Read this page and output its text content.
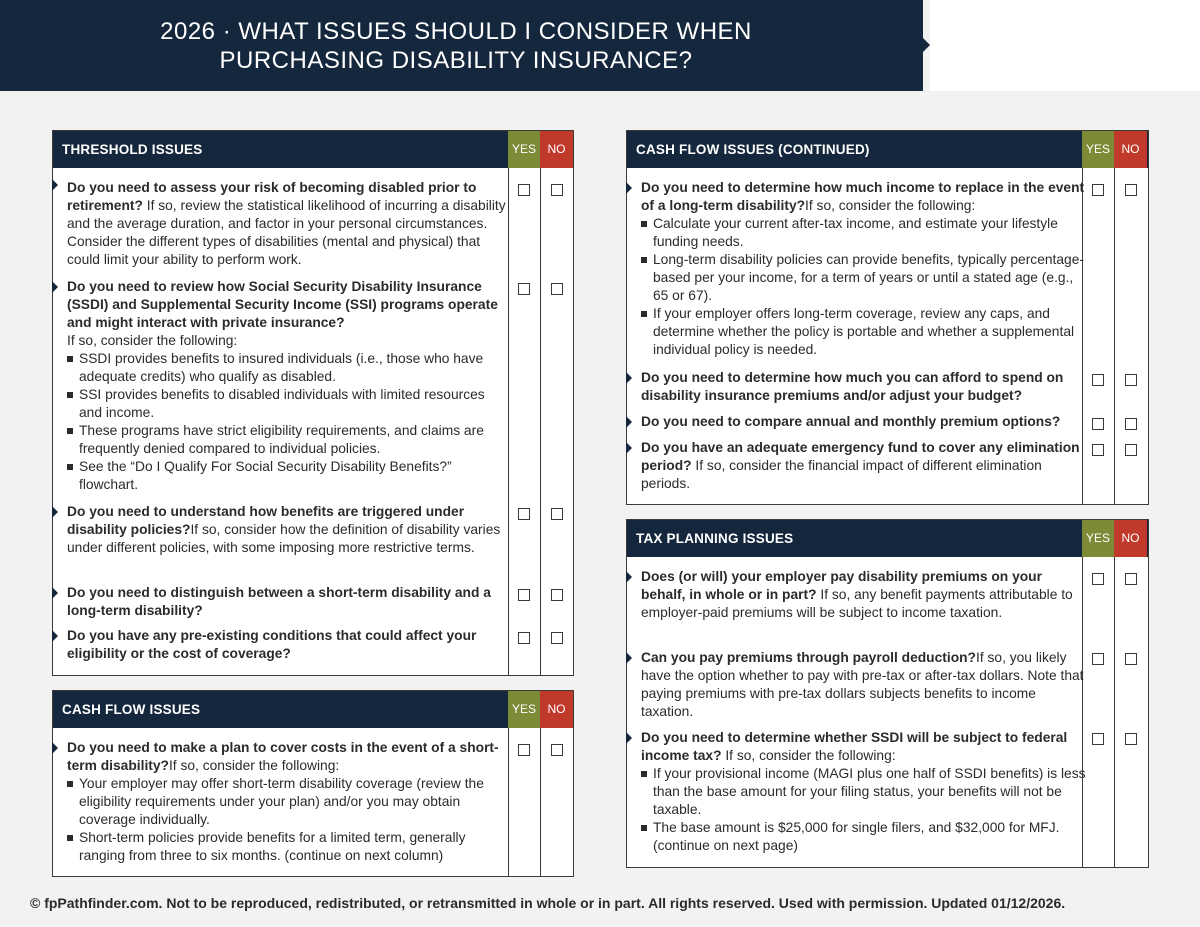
2026 · WHAT ISSUES SHOULD I CONSIDER WHEN
PURCHASING DISABILITY INSURANCE?
THRESHOLD ISSUES	YES NO
Do you need to assess your risk of becoming disabled prior to retirement? If so, review the statistical likelihood of incurring a disability and the average duration, and factor in your personal circumstances. Consider the different types of disabilities (mental and physical) that could limit your ability to perform work.
Do you need to review how Social Security Disability Insurance (SSDI) and Supplemental Security Income (SSI) programs operate and might interact with private insurance?
If so, consider the following:
SSDI provides benefits to insured individuals (i.e., those who have adequate credits) who qualify as disabled.
SSI provides benefits to disabled individuals with limited resources and income.
These programs have strict eligibility requirements, and claims are frequently denied compared to individual policies.
See the “Do I Qualify For Social Security Disability Benefits?” flowchart.
Do you need to understand how benefits are triggered under disability policies?If so, consider how the definition of disability varies under different policies, with some imposing more restrictive terms.
Do you need to distinguish between a short-term disability and a long-term disability?
Do you have any pre-existing conditions that could affect your eligibility or the cost of coverage?
CASH FLOW ISSUES	YES NO
Do you need to make a plan to cover costs in the event of a short-term disability?If so, consider the following:
Your employer may offer short-term disability coverage (review the eligibility requirements under your plan) and/or you may obtain coverage individually.
Short-term policies provide benefits for a limited term, generally ranging from three to six months. (continue on next column)
CASH FLOW ISSUES (CONTINUED)	YES NO
Do you need to determine how much income to replace in the event of a long-term disability?If so, consider the following:
Calculate your current after-tax income, and estimate your lifestyle funding needs.
Long-term disability policies can provide benefits, typically percentage-based per your income, for a term of years or until a stated age (e.g., 65 or 67).
If your employer offers long-term coverage, review any caps, and determine whether the policy is portable and whether a supplemental individual policy is needed.
Do you need to determine how much you can afford to spend on disability insurance premiums and/or adjust your budget?
Do you need to compare annual and monthly premium options?
Do you have an adequate emergency fund to cover any elimination period? If so, consider the financial impact of different elimination periods.
TAX PLANNING ISSUES	YES NO
Does (or will) your employer pay disability premiums on your behalf, in whole or in part? If so, any benefit payments attributable to employer-paid premiums will be subject to income taxation.
Can you pay premiums through payroll deduction?If so, you likely have the option whether to pay with pre-tax or after-tax dollars. Note that paying premiums with pre-tax dollars subjects benefits to income taxation.
Do you need to determine whether SSDI will be subject to federal income tax? If so, consider the following:
If your provisional income (MAGI plus one half of SSDI benefits) is less than the base amount for your filing status, your benefits will not be taxable.
The base amount is $25,000 for single filers, and $32,000 for MFJ. (continue on next page)
© fpPathfinder.com. Not to be reproduced, redistributed, or retransmitted in whole or in part. All rights reserved. Used with permission. Updated 01/12/2026.
